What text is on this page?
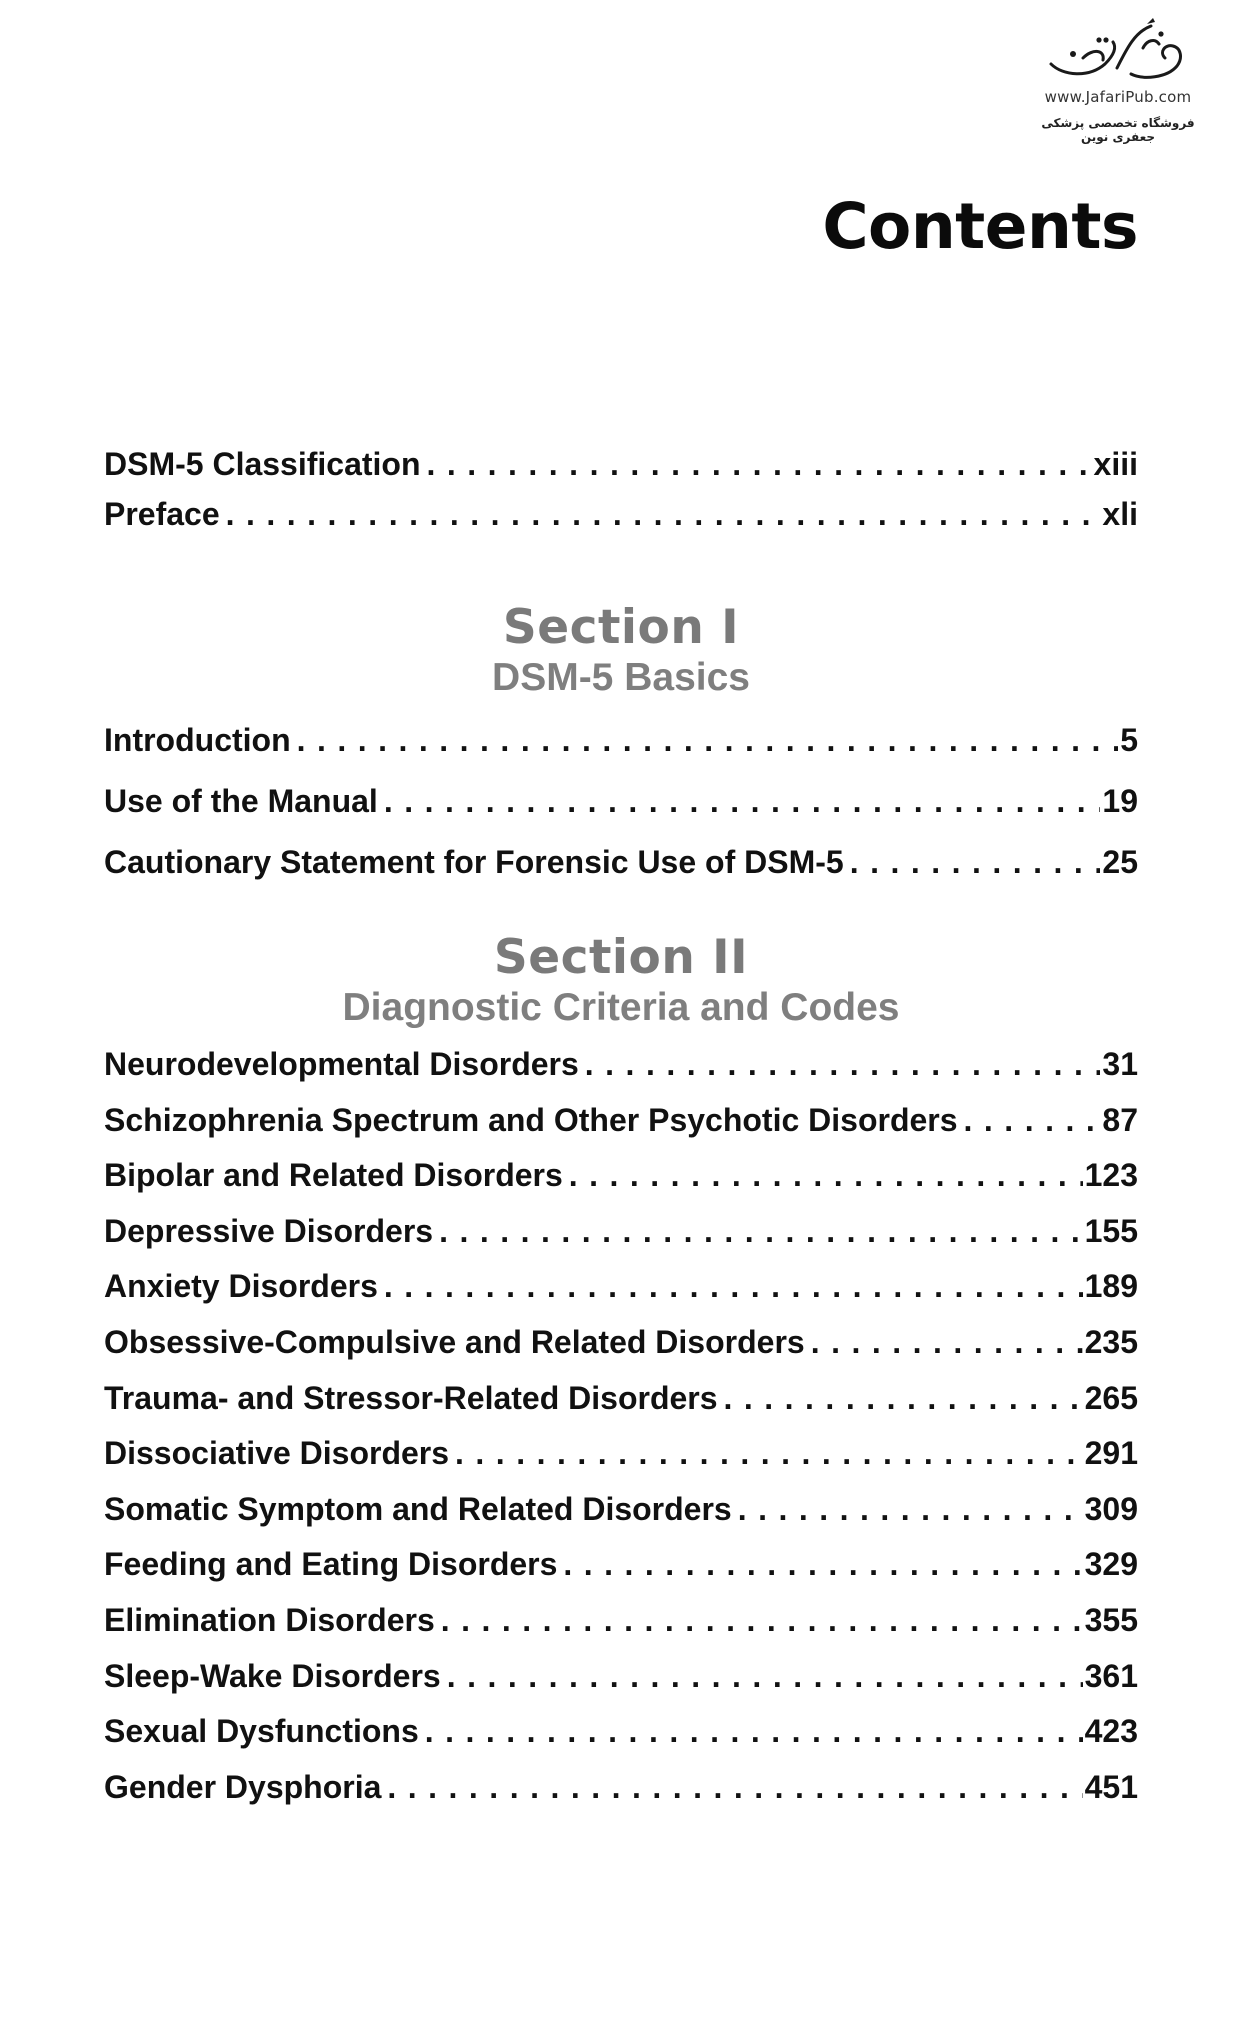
www.JafariPub.com
فروشگاه تخصصی پزشکی جعفری نوین
Contents
DSM-5 Classification . . .	xiii
Preface . . .	xli
Section I
DSM-5 Basics
Introduction . . .	5
Use of the Manual . . .	19
Cautionary Statement for Forensic Use of DSM-5 . . .	25
Section II
Diagnostic Criteria and Codes
Neurodevelopmental Disorders . . .	31
Schizophrenia Spectrum and Other Psychotic Disorders . . .	87
Bipolar and Related Disorders . . .	123
Depressive Disorders . . .	155
Anxiety Disorders . . .	189
Obsessive-Compulsive and Related Disorders . . .	235
Trauma- and Stressor-Related Disorders . . .	265
Dissociative Disorders . . .	291
Somatic Symptom and Related Disorders . . .	309
Feeding and Eating Disorders . . .	329
Elimination Disorders . . .	355
Sleep-Wake Disorders . . .	361
Sexual Dysfunctions . . .	423
Gender Dysphoria . . .	451
